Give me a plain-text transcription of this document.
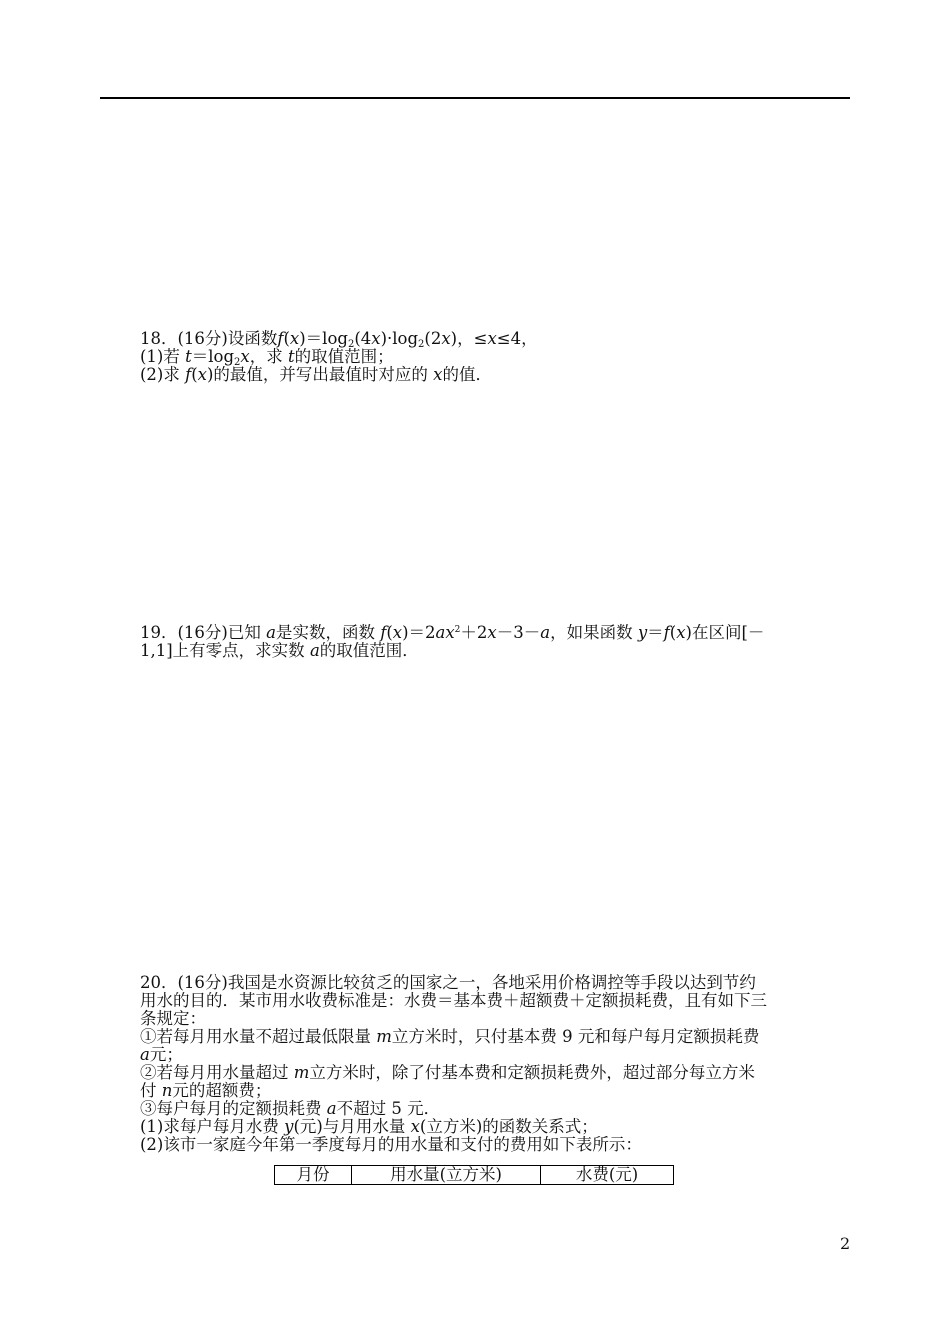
18．(16分)设函数$f(x)=\log_2(4x)\cdot\log_2(2x)$，≤x≤4，

(1)若 $t=\log_2x$，求 t的取值范围；

(2)求 f(x)的最值，并写出最值时对应的 x的值．

19．(16分)已知 a是实数，函数 $f(x)=2ax^2+2x-3-a$，如果函数 y＝f(x)在区间[－

1,1]上有零点，求实数 a的取值范围．

20．(16分)我国是水资源比较贫乏的国家之一，各地采用价格调控等手段以达到节约

用水的目的．某市用水收费标准是：水费＝基本费＋超额费＋定额损耗费，且有如下三

条规定：

①若每月用水量不超过最低限量 m立方米时，只付基本费 9 元和每户每月定额损耗费

a元；

②若每月用水量超过 m立方米时，除了付基本费和定额损耗费外，超过部分每立方米

付 n元的超额费；

③每户每月的定额损耗费 a不超过 5 元．

(1)求每户每月水费 y(元)与月用水量 x(立方米)的函数关系式；

(2)该市一家庭今年第一季度每月的用水量和支付的费用如下表所示：

月份	用水量(立方米)	水费(元)
2
